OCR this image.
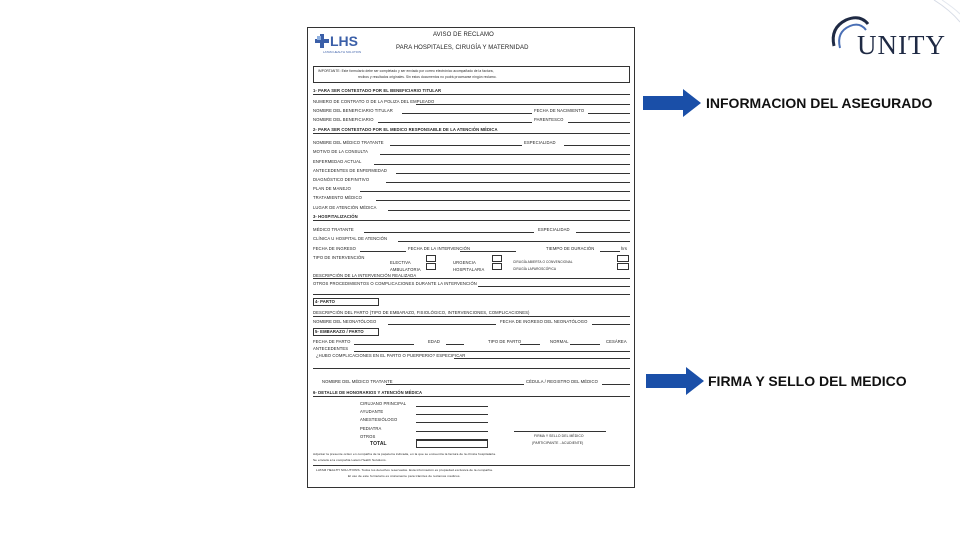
LHS
LATAM HEALTH SOLUTION
AVISO DE RECLAMO
PARA HOSPITALES, CIRUGÍA Y MATERNIDAD
IMPORTANTE: Este formulario debe ser completado y ser enviado por correo electrónico acompañado de la factura,
recibos y resultados originales. Sin estos documentos no podrá procesarse ningún reclamo.
1- PARA SER CONTESTADO POR EL BENEFICIARIO TITULAR
NUMERO DE CONTRATO O DE LA POLIZA DEL EMPLEADO
NOMBRE DEL BENEFICIARIO TITULAR	FECHA DE NACIMIENTO
NOMBRE DEL BENEFICIARIO	PARENTESCO
2- PARA SER CONTESTADO POR EL MEDICO RESPONSABLE DE LA ATENCIÓN MÉDICA
NOMBRE DEL MÉDICO TRATANTE	ESPECIALIDAD
MOTIVO DE LA CONSULTA
ENFERMEDAD ACTUAL
ANTECEDENTES DE ENFERMEDAD
DIAGNÓSTICO DEFINITIVO
PLAN DE MANEJO
TRATAMIENTO MÉDICO
LUGAR DE ATENCIÓN MÉDICA
3- HOSPITALIZACIÓN
MÉDICO TRATANTE	ESPECIALIDAD
CLÍNICA U HOSPITAL DE ATENCIÓN
FECHA DE INGRESO	FECHA DE LA INTERVENCIÓN	TIEMPO DE DURACIÓN	hrs
TIPO DE INTERVENCIÓN
ELECTIVA	URGENCIA	CIRUGÍA ABIERTA O CONVENCIONAL
AMBULATORIA	HOSPITALARIA	CIRUGÍA LAPAROSCÓPICA
DESCRIPCIÓN DE LA INTERVENCIÓN REALIZADA
OTROS PROCEDIMIENTOS O COMPLICACIONES DURANTE LA INTERVENCIÓN
4- PARTO
DESCRIPCIÓN DEL PARTO (TIPO DE EMBARAZO, FISIOLÓGICO, INTERVENCIONES, COMPLICACIONES)
NOMBRE DEL NEONATÓLOGO	FECHA DE INGRESO DEL NEONATÓLOGO
5- EMBARAZO / PARTO
FECHA DE PARTO	EDAD	TIPO DE PARTO	NORMAL	CESÁREA
ANTECEDENTES
¿HUBO COMPLICACIONES EN EL PARTO O PUERPERIO? ESPECIFICAR
NOMBRE DEL MÉDICO TRATANTE	CÉDULA / REGISTRO DEL MÉDICO
6- DETALLE DE HONORARIOS Y ATENCIÓN MÉDICA
CIRUJANO PRINCIPAL
AYUDANTE
ANESTESIÓLOGO
PEDIATRA
OTROS
TOTAL
FIRMA Y SELLO DEL MÉDICO
(PARTICIPANTE - ACUDIENTE)
Adjuntar la presente orden en compañía de la papelería indicada, en la que se encuentra la factura de la clínica hospitalaria.
Se enviará a la compañía Latam Health Solutions.
LATAM HEALTH SOLUTIONS. Todos los derechos reservados. Esta información es propiedad exclusiva de la compañía.
El uso de este formulario es únicamente para trámites de reclamos médicos.
UNITY
INFORMACION DEL ASEGURADO
FIRMA Y SELLO DEL MEDICO
